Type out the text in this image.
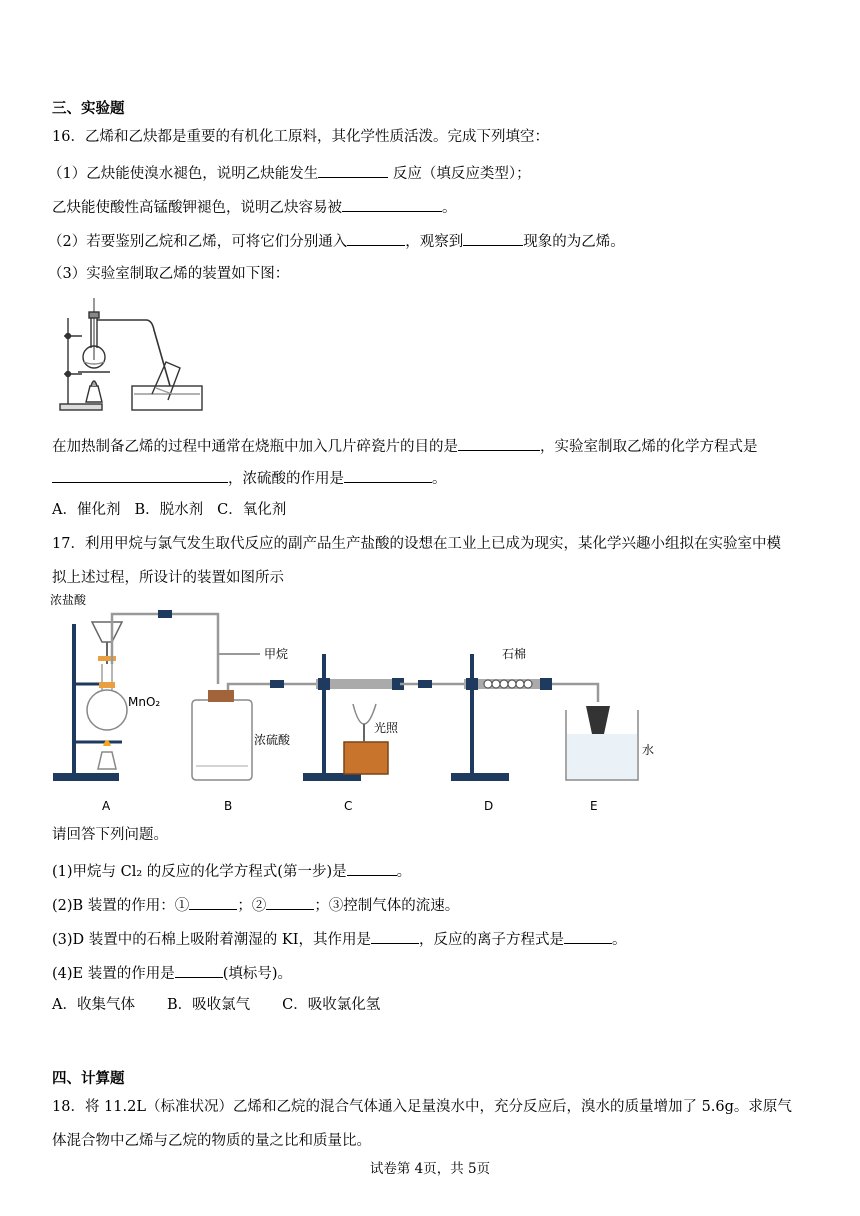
三、实验题
16．乙烯和乙炔都是重要的有机化工原料，其化学性质活泼。完成下列填空：
（1）乙炔能使溴水褪色，说明乙炔能发生	反应（填反应类型）；
乙炔能使酸性高锰酸钾褪色，说明乙炔容易被	。
（2）若要鉴别乙烷和乙烯，可将它们分别通入	，观察到	现象的为乙烯。
（3）实验室制取乙烯的装置如下图：
在加热制备乙烯的过程中通常在烧瓶中加入几片碎瓷片的目的是	，实验室制取乙烯的化学方程式是
，浓硫酸的作用是	。
A．催化剂 B．脱水剂 C．氧化剂
17．利用甲烷与氯气发生取代反应的副产品生产盐酸的设想在工业上已成为现实，某化学兴趣小组拟在实验室中模
拟上述过程，所设计的装置如图所示
浓盐酸
MnO₂
甲烷
浓硫酸
光照
石棉
水
A	B	C	D	E
请回答下列问题。
(1)甲烷与 Cl₂ 的反应的化学方程式(第一步)是	。
(2)B 装置的作用：①	；②	；③控制气体的流速。
(3)D 装置中的石棉上吸附着潮湿的 KI，其作用是	，反应的离子方程式是	。
(4)E 装置的作用是	(填标号)。
A．收集气体 B．吸收氯气 C．吸收氯化氢
四、计算题
18．将 11.2L（标准状况）乙烯和乙烷的混合气体通入足量溴水中，充分反应后，溴水的质量增加了 5.6g。求原气
体混合物中乙烯与乙烷的物质的量之比和质量比。
试卷第 4页，共 5页
